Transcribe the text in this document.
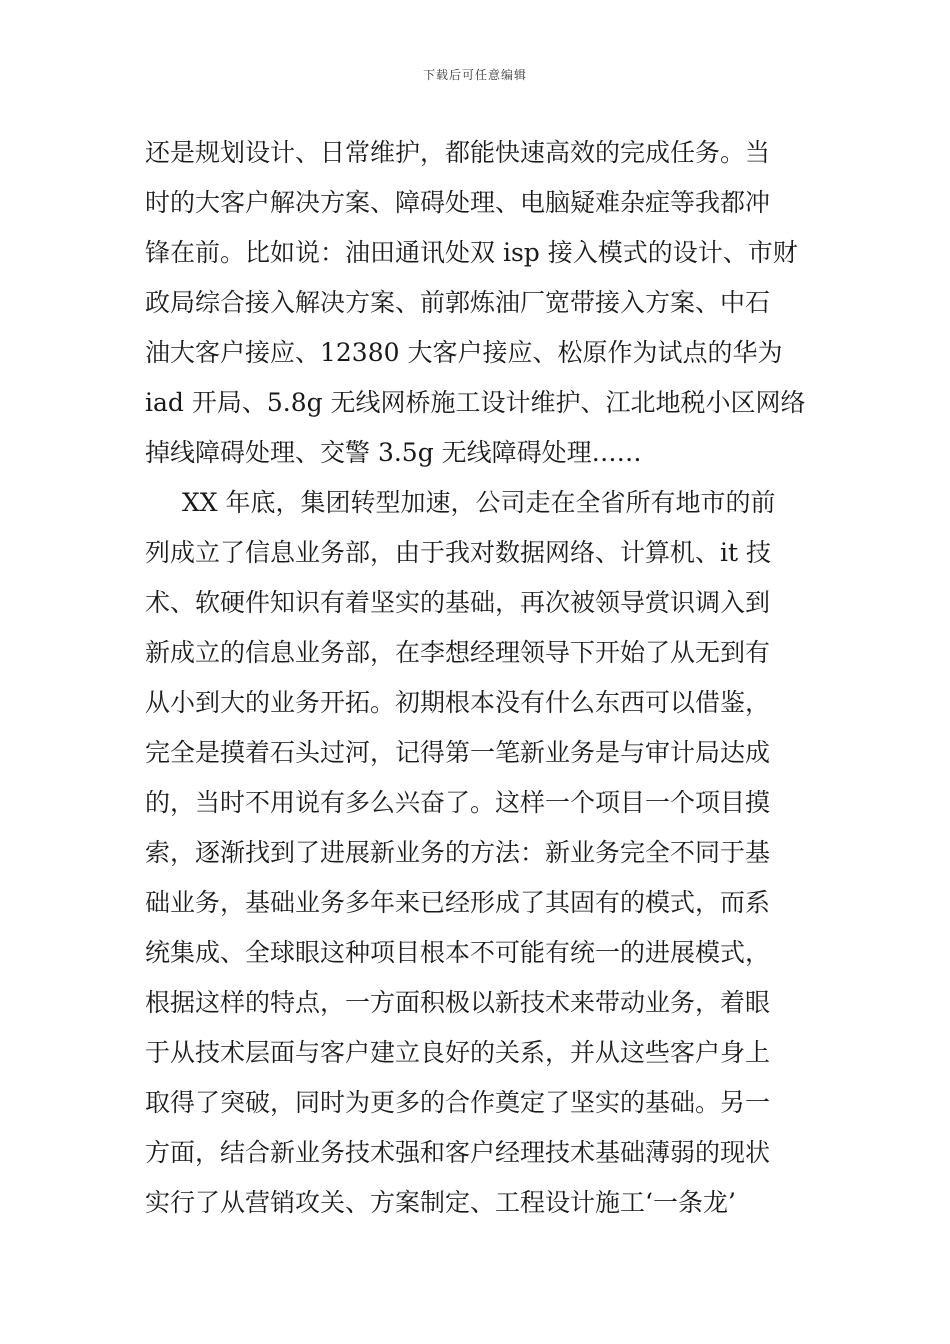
下载后可任意编辑
还是规划设计、日常维护，都能快速高效的完成任务。当
时的大客户解决方案、障碍处理、电脑疑难杂症等我都冲
锋在前。比如说：油田通讯处双 isp 接入模式的设计、市财
政局综合接入解决方案、前郭炼油厂宽带接入方案、中石
油大客户接应、12380 大客户接应、松原作为试点的华为
iad 开局、5.8g 无线网桥施工设计维护、江北地税小区网络
掉线障碍处理、交警 3.5g 无线障碍处理……
XX 年底，集团转型加速，公司走在全省所有地市的前
列成立了信息业务部，由于我对数据网络、计算机、it 技
术、软硬件知识有着坚实的基础，再次被领导赏识调入到
新成立的信息业务部，在李想经理领导下开始了从无到有
从小到大的业务开拓。初期根本没有什么东西可以借鉴，
完全是摸着石头过河，记得第一笔新业务是与审计局达成
的，当时不用说有多么兴奋了。这样一个项目一个项目摸
索，逐渐找到了进展新业务的方法：新业务完全不同于基
础业务，基础业务多年来已经形成了其固有的模式，而系
统集成、全球眼这种项目根本不可能有统一的进展模式，
根据这样的特点，一方面积极以新技术来带动业务，着眼
于从技术层面与客户建立良好的关系，并从这些客户身上
取得了突破，同时为更多的合作奠定了坚实的基础。另一
方面，结合新业务技术强和客户经理技术基础薄弱的现状
实行了从营销攻关、方案制定、工程设计施工‘一条龙’
